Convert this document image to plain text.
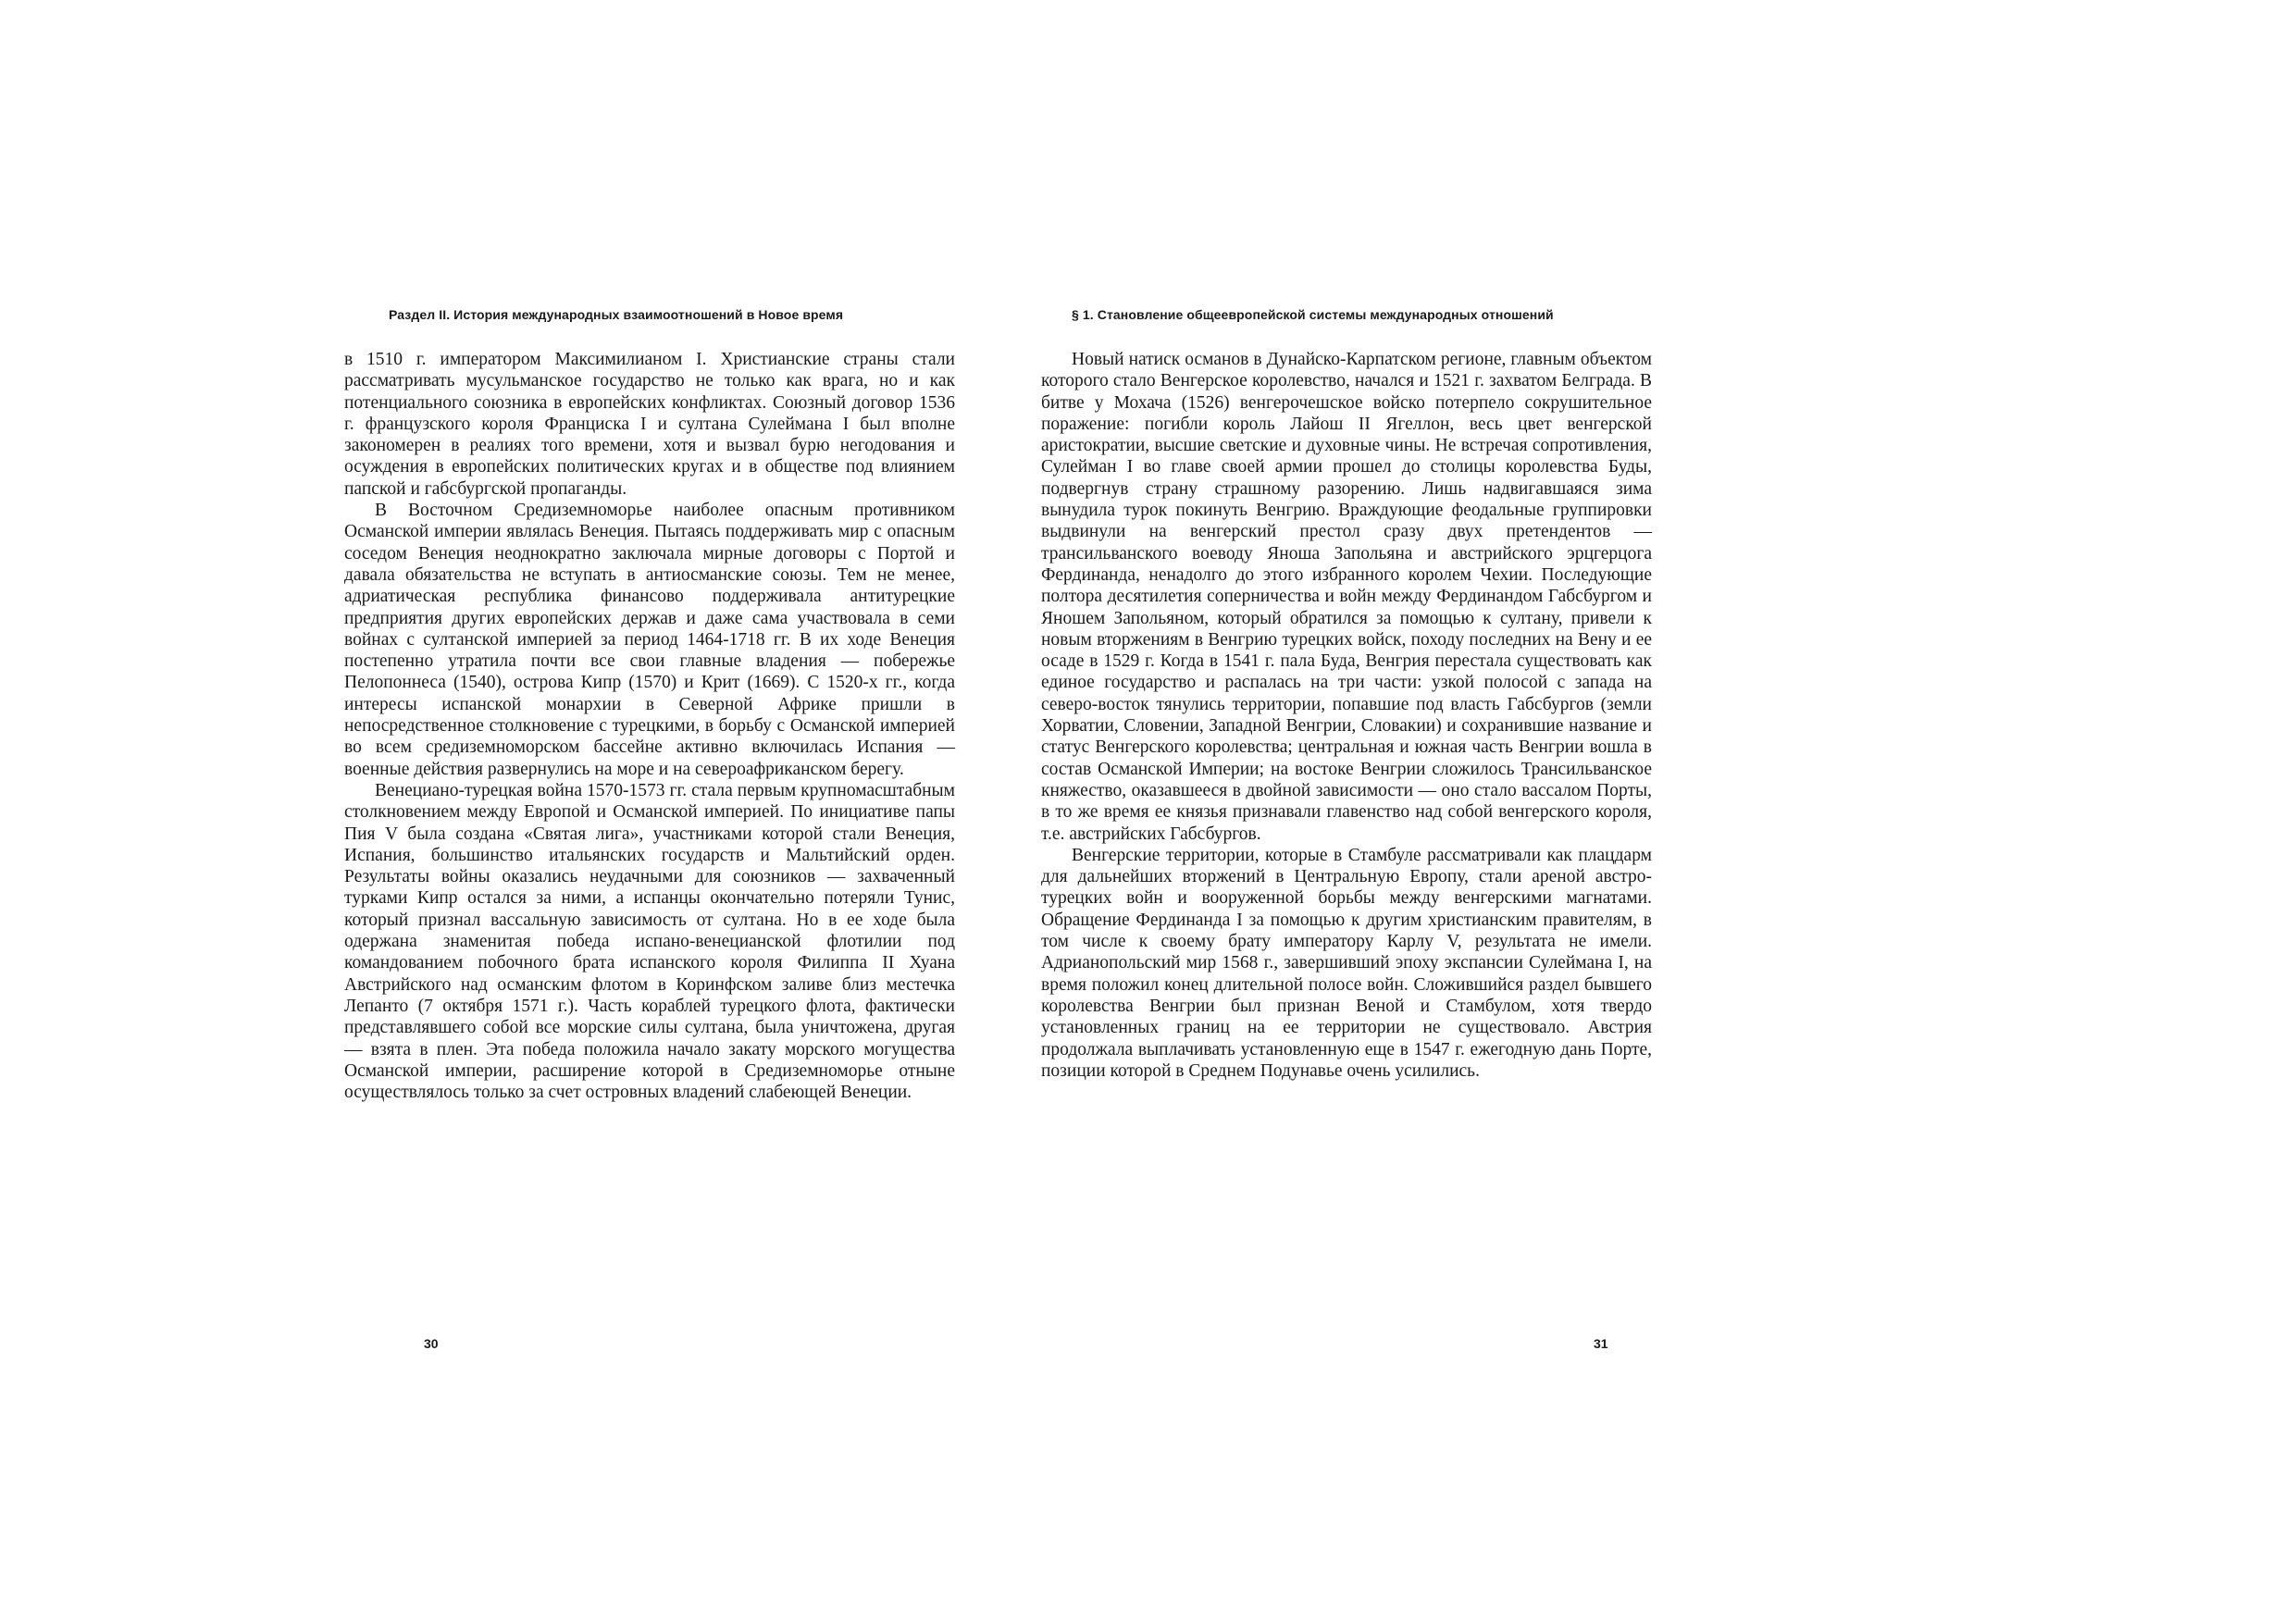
Раздел II. История международных взаимоотношений в Новое время

в 1510 г. императором Максимилианом I. Христианские страны стали рассматривать мусульманское государство не только как врага, но и как потенциального союзника в европейских конфликтах. Союзный договор 1536 г. французского короля Франциска I и султана Сулеймана I был вполне закономерен в реалиях того времени, хотя и вызвал бурю негодования и осуждения в европейских политических кругах и в обществе под влиянием папской и габсбургской пропаганды.

В Восточном Средиземноморье наиболее опасным противником Османской империи являлась Венеция. Пытаясь поддерживать мир с опасным соседом Венеция неоднократно заключала мирные договоры с Портой и давала обязательства не вступать в антиосманские союзы. Тем не менее, адриатическая республика финансово поддерживала антитурецкие предприятия других европейских держав и даже сама участвовала в семи войнах с султанской империей за период 1464-1718 гг. В их ходе Венеция постепенно утратила почти все свои главные владения — побережье Пелопоннеса (1540), острова Кипр (1570) и Крит (1669). С 1520-х гг., когда интересы испанской монархии в Северной Африке пришли в непосредственное столкновение с турецкими, в борьбу с Османской империей во всем средиземноморском бассейне активно включилась Испания — военные действия развернулись на море и на североафриканском берегу.

Венециано-турецкая война 1570-1573 гг. стала первым крупномасштабным столкновением между Европой и Османской империей. По инициативе папы Пия V была создана «Святая лига», участниками которой стали Венеция, Испания, большинство итальянских государств и Мальтийский орден. Результаты войны оказались неудачными для союзников — захваченный турками Кипр остался за ними, а испанцы окончательно потеряли Тунис, который признал вассальную зависимость от султана. Но в ее ходе была одержана знаменитая победа испано-венецианской флотилии под командованием побочного брата испанского короля Филиппа II Хуана Австрийского над османским флотом в Коринфском заливе близ местечка Лепанто (7 октября 1571 г.). Часть кораблей турецкого флота, фактически представлявшего собой все морские силы султана, была уничтожена, другая — взята в плен. Эта победа положила начало закату морского могущества Османской империи, расширение которой в Средиземноморье отныне осуществлялось только за счет островных владений слабеющей Венеции.

30
§ 1. Становление общеевропейской системы международных отношений

Новый натиск османов в Дунайско-Карпатском регионе, главным объектом которого стало Венгерское королевство, начался и 1521 г. захватом Белграда. В битве у Мохача (1526) венгерочешское войско потерпело сокрушительное поражение: погибли король Лайош II Ягеллон, весь цвет венгерской аристократии, высшие светские и духовные чины. Не встречая сопротивления, Сулейман I во главе своей армии прошел до столицы королевства Буды, подвергнув страну страшному разорению. Лишь надвигавшаяся зима вынудила турок покинуть Венгрию. Враждующие феодальные группировки выдвинули на венгерский престол сразу двух претендентов — трансильванского воеводу Яноша Запольяна и австрийского эрцгерцога Фердинанда, ненадолго до этого избранного королем Чехии. Последующие полтора десятилетия соперничества и войн между Фердинандом Габсбургом и Яношем Запольяном, который обратился за помощью к султану, привели к новым вторжениям в Венгрию турецких войск, походу последних на Вену и ее осаде в 1529 г. Когда в 1541 г. пала Буда, Венгрия перестала существовать как единое государство и распалась на три части: узкой полосой с запада на северо-восток тянулись территории, попавшие под власть Габсбургов (земли Хорватии, Словении, Западной Венгрии, Словакии) и сохранившие название и статус Венгерского королевства; центральная и южная часть Венгрии вошла в состав Османской Империи; на востоке Венгрии сложилось Трансильванское княжество, оказавшееся в двойной зависимости — оно стало вассалом Порты, в то же время ее князья признавали главенство над собой венгерского короля, т.е. австрийских Габсбургов.

Венгерские территории, которые в Стамбуле рассматривали как плацдарм для дальнейших вторжений в Центральную Европу, стали ареной австро-турецких войн и вооруженной борьбы между венгерскими магнатами. Обращение Фердинанда I за помощью к другим христианским правителям, в том числе к своему брату императору Карлу V, результата не имели. Адрианопольский мир 1568 г., завершивший эпоху экспансии Сулеймана I, на время положил конец длительной полосе войн. Сложившийся раздел бывшего королевства Венгрии был признан Веной и Стамбулом, хотя твердо установленных границ на ее территории не существовало. Австрия продолжала выплачивать установленную еще в 1547 г. ежегодную дань Порте, позиции которой в Среднем Подунавье очень усилились.

31
